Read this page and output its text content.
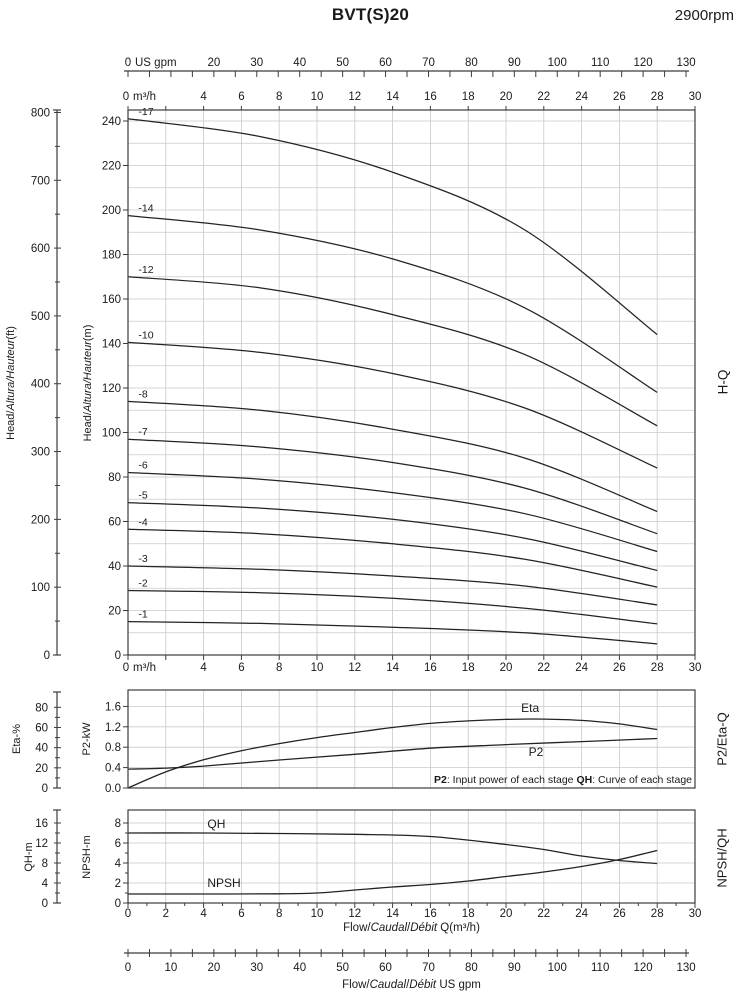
BVT(S)20	2900rpm
-17
-14
-12
-10
-8
-7
-6
-5
-4
-3
-2
-1
Eta
P2
QH
NPSH
0 US gpm	20	30	40	50	60	70	80	90 100 110 120 130
0 m³/h	4	6	8 10 12 14 16 18 20 22 24 26 28 30
0 m³/h	4	6	8 10 12 14 16 18 20 22 24 26 28 30
0
20
40
60
80
100
120
140
160
180
200
220
240
Head/Altura/Hauteur(m)
0
100
200
300
400
500
600
700
800
Head/Altura/Hauteur(ft)
0.0
0.4
0.8
1.2
1.6
P2-kW
0
20
40
60
80
Eta-%
P2: Input power of each stage QH: Curve of each stage
0
2
4
6
8
NPSH-m
0
4
8
12
16
QH-m
0	2	4	6	8 10 12 14 16 18 20 22 24 26 28 30
Flow/Caudal/Débit Q(m³/h)
0	10	20	30	40	50	60	70	80	90 100 110 120 130
Flow/Caudal/Débit US gpm
H-Q
P2/Eta-Q
NPSH/QH
